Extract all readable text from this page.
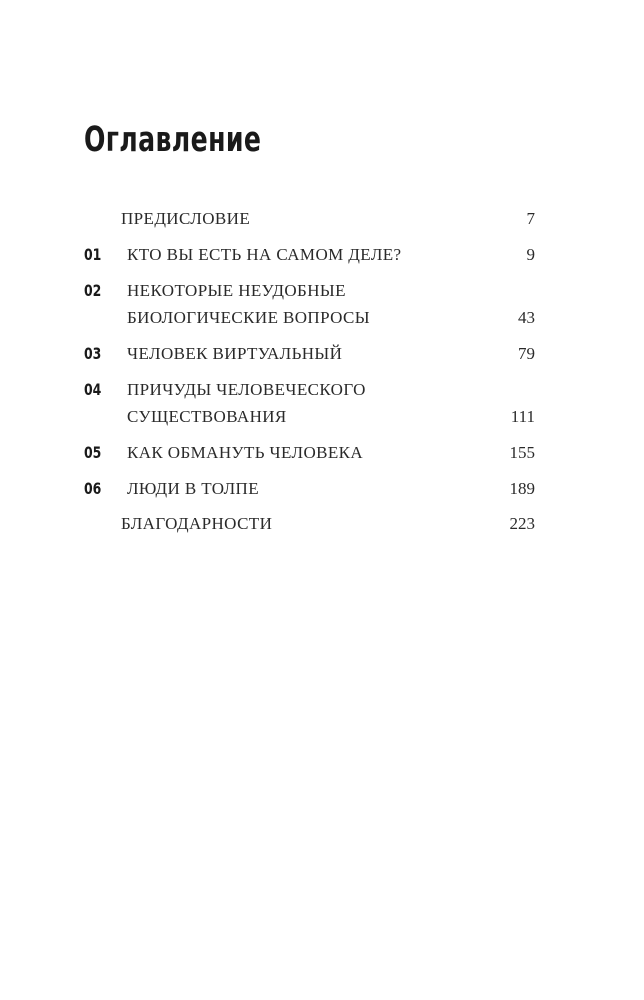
Оглавление
ПРЕДИСЛОВИЕ	7
01 КТО ВЫ ЕСТЬ НА САМОМ ДЕЛЕ?	9
02 НЕКОТОРЫЕ НЕУДОБНЫЕ
БИОЛОГИЧЕСКИЕ ВОПРОСЫ	43
03 ЧЕЛОВЕК ВИРТУАЛЬНЫЙ	79
04 ПРИЧУДЫ ЧЕЛОВЕЧЕСКОГО
СУЩЕСТВОВАНИЯ	111
05 КАК ОБМАНУТЬ ЧЕЛОВЕКА	155
06 ЛЮДИ В ТОЛПЕ	189
БЛАГОДАРНОСТИ	223
